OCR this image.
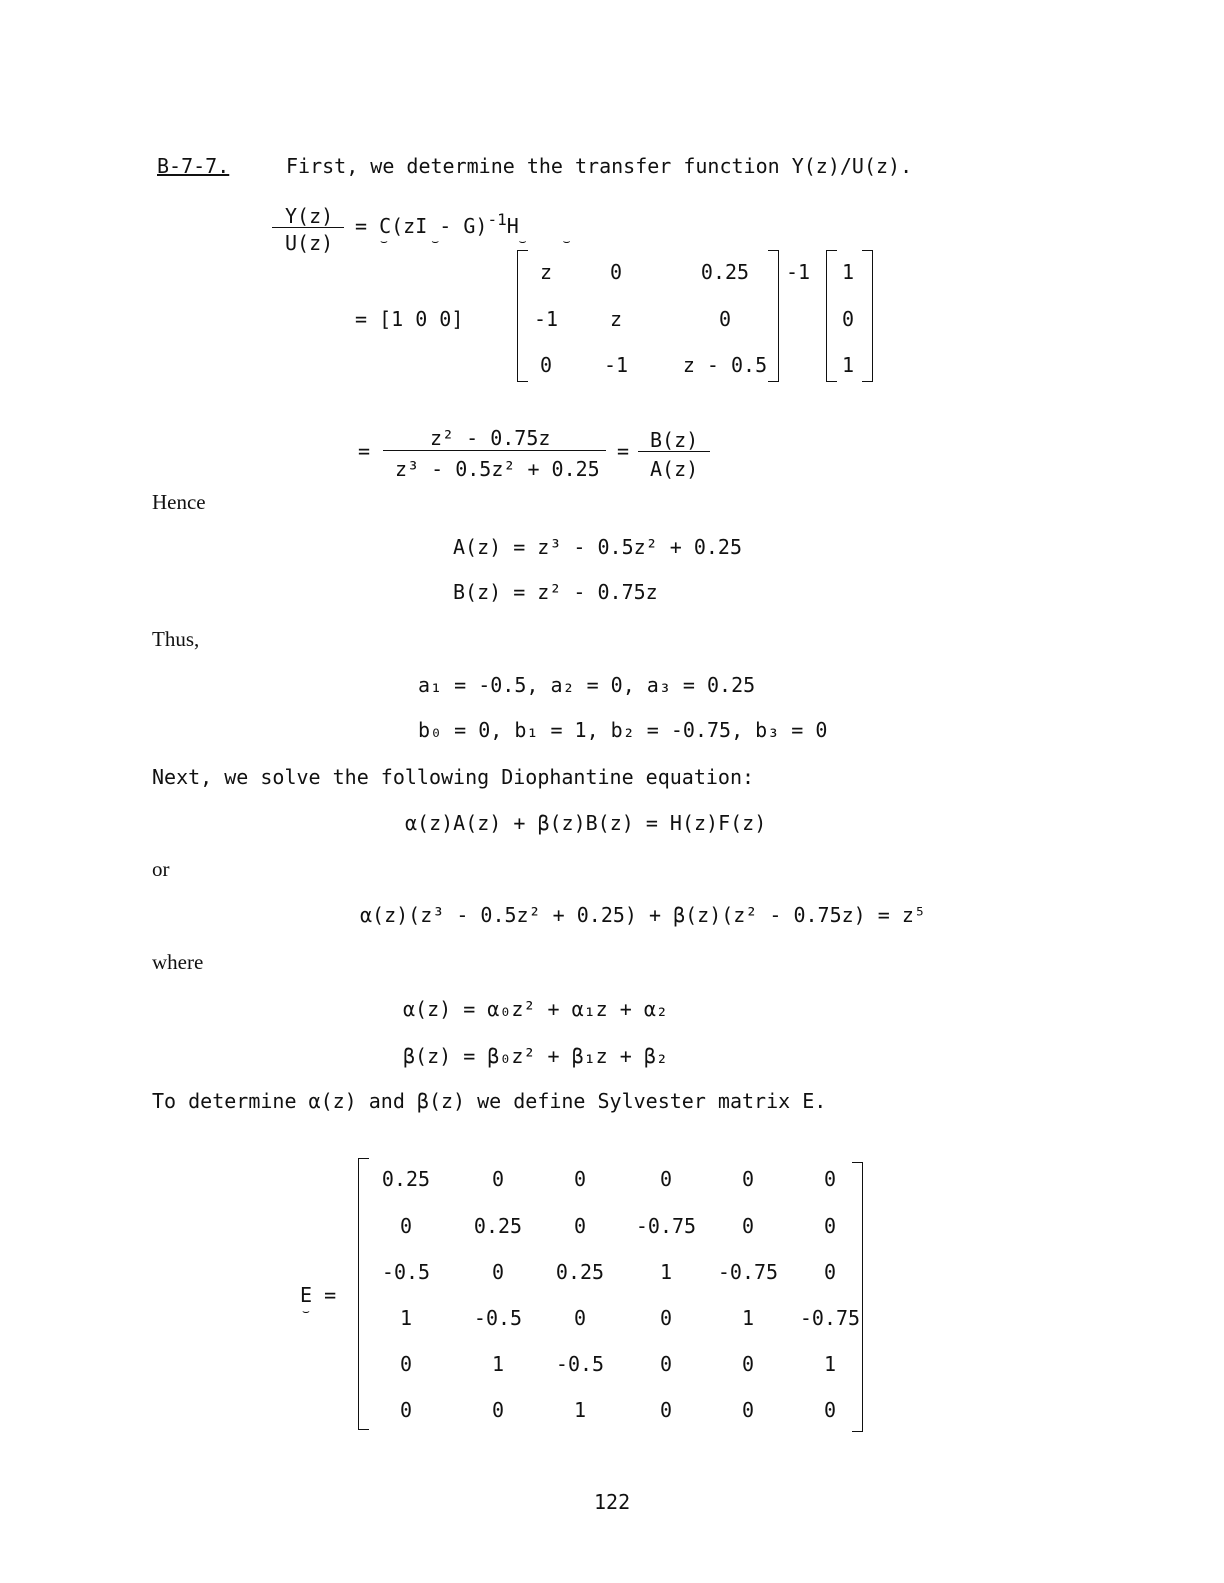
B-7-7.	First, we determine the transfer function Y(z)/U(z).
Y(z)
U(z)
= C(zI - G)$^{-1}$H
⌣      ⌣           ⌣     ⌣
= [1 0 0]
z	0	0.25
-1	z	0
0	-1	z - 0.5
-1 1
0
1
=
z² - 0.75z
z³ - 0.5z² + 0.25
= B(z)
A(z)
Hence
A(z) = z³ - 0.5z² + 0.25
B(z) = z² - 0.75z
Thus,
a₁ = -0.5, a₂ = 0, a₃ = 0.25
b₀ = 0, b₁ = 1, b₂ = -0.75, b₃ = 0
Next, we solve the following Diophantine equation:
α(z)A(z) + β(z)B(z) = H(z)F(z)
or
α(z)(z³ - 0.5z² + 0.25) + β(z)(z² - 0.75z) = z⁵
where
α(z) = α₀z² + α₁z + α₂
β(z) = β₀z² + β₁z + β₂
To determine α(z) and β(z) we define Sylvester matrix E.
E =
⌣
0.25	0	0	0	0	0
0	0.25	0	-0.75	0	0
-0.5	0	0.25	1	-0.75	0
1	-0.5	0	0	1	-0.75
0	1	-0.5	0	0	1
0	0	1	0	0	0
122
